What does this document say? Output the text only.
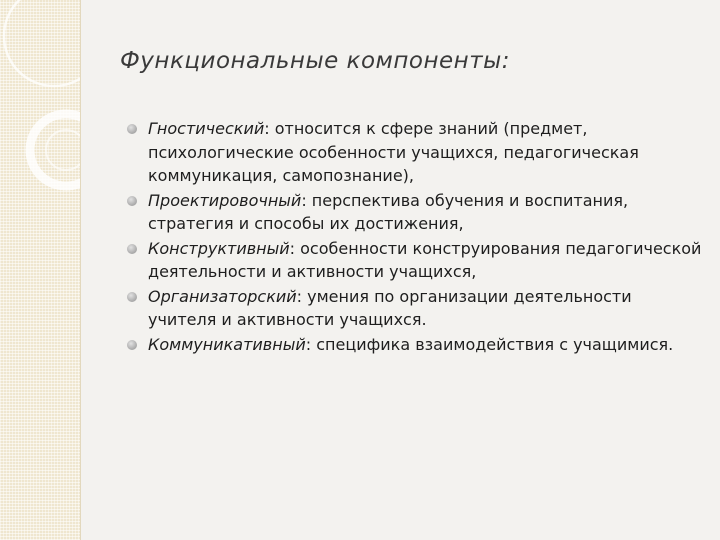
Функциональные компоненты:
Гностический: относится к сфере знаний (предмет, психологические особенности учащихся, педагогическая коммуникация, самопознание),
Проектировочный: перспектива обучения и воспитания, стратегия и способы их достижения,
Конструктивный: особенности конструирования педагогической деятельности и активности учащихся,
Организаторский: умения по организации деятельности учителя и активности учащихся.
Коммуникативный: специфика взаимодействия с учащимися.
